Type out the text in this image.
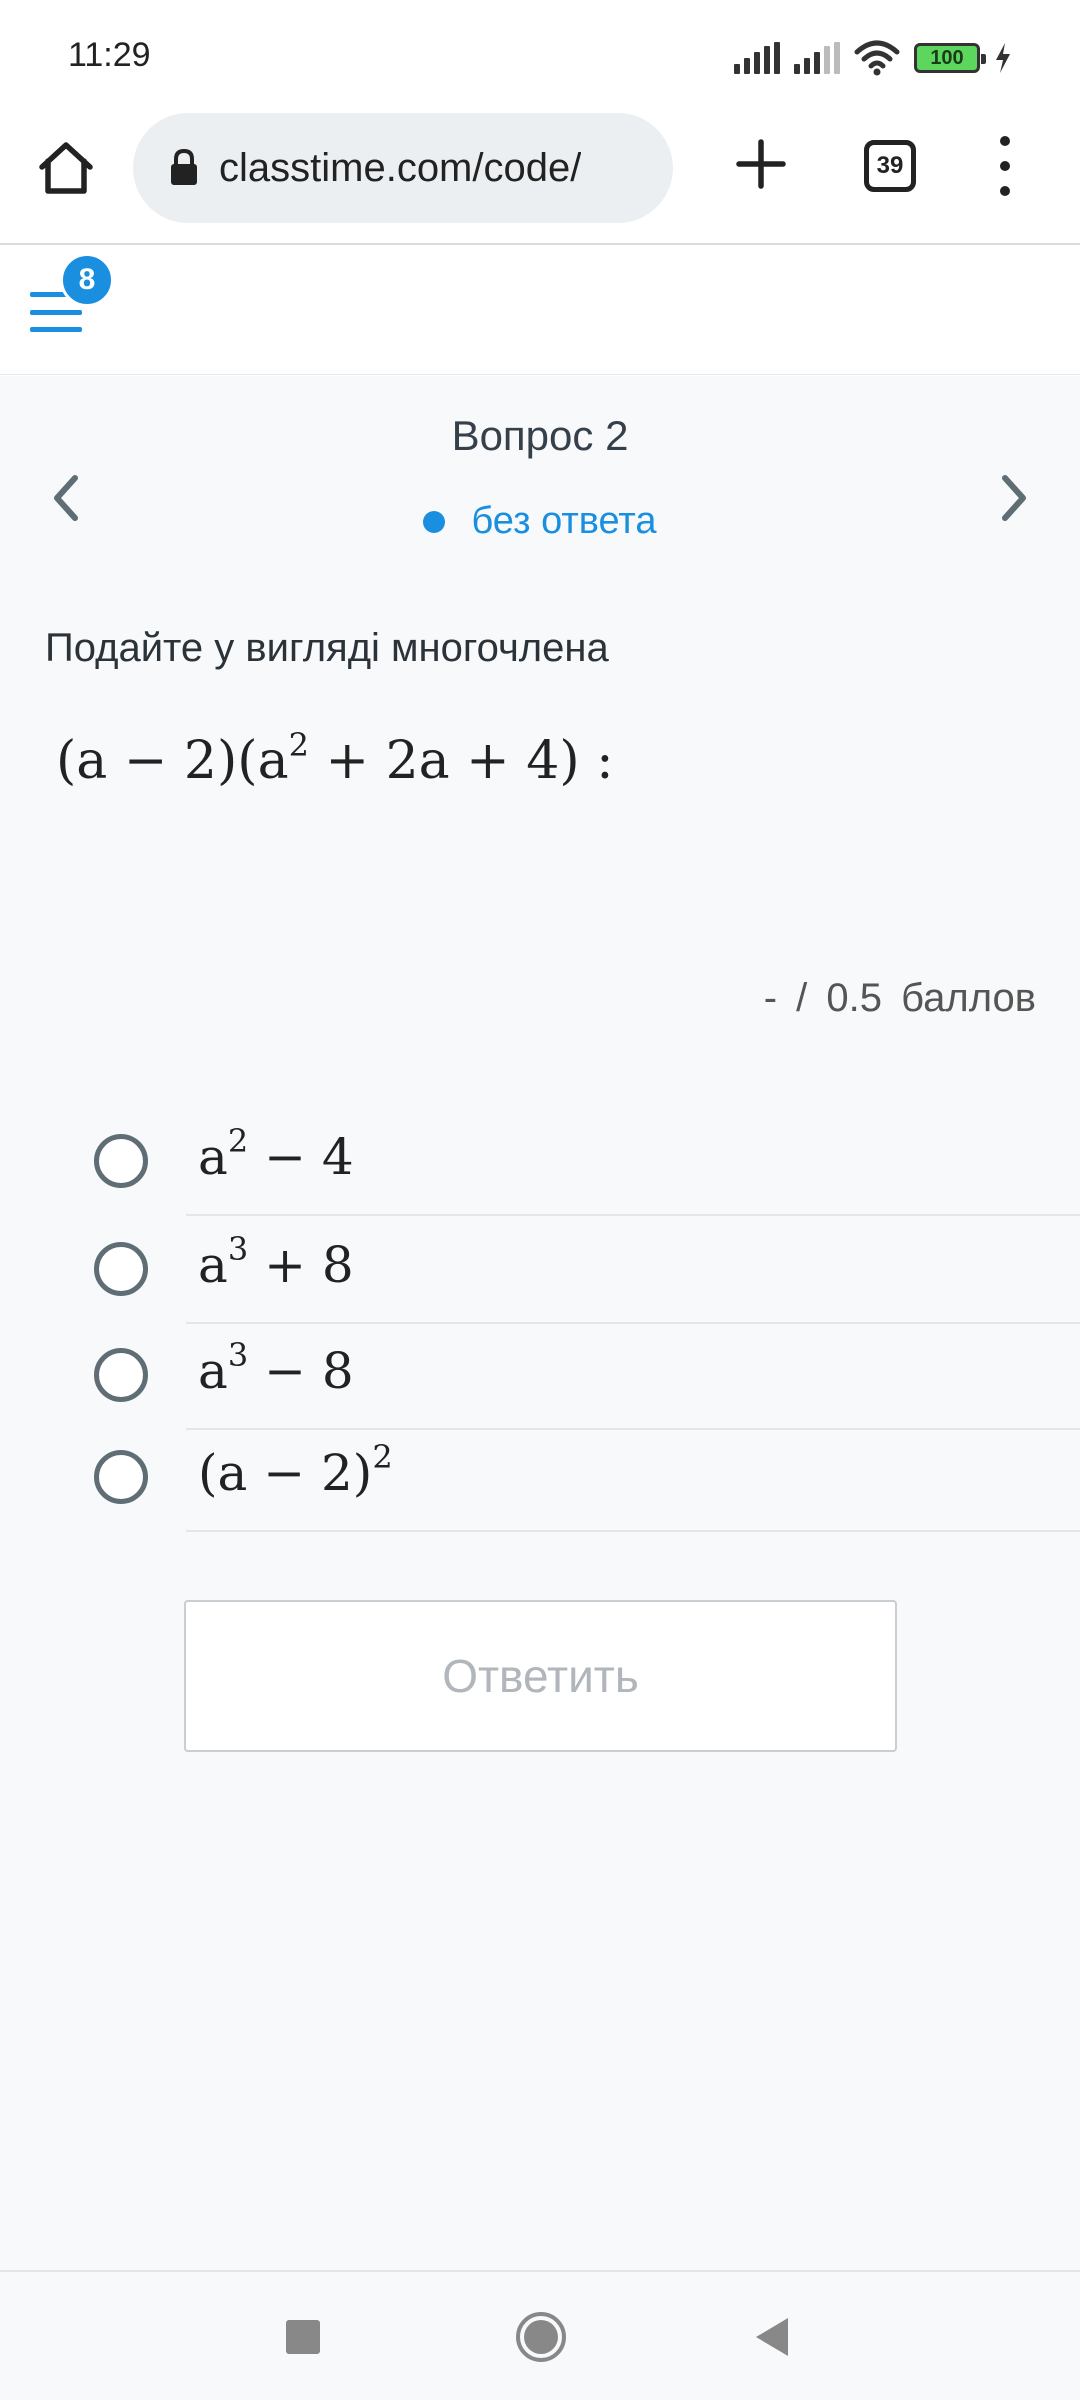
11:29	100
classtime.com/code/	39
8
Вопрос 2
без ответа
Подайте у вигляді многочлена
$(a - 2)(a^2 + 2a + 4)$ :
- / 0.5 баллов
$a^2 - 4$
$a^3 + 8$
$a^3 - 8$
$(a - 2)^2$
Ответить
